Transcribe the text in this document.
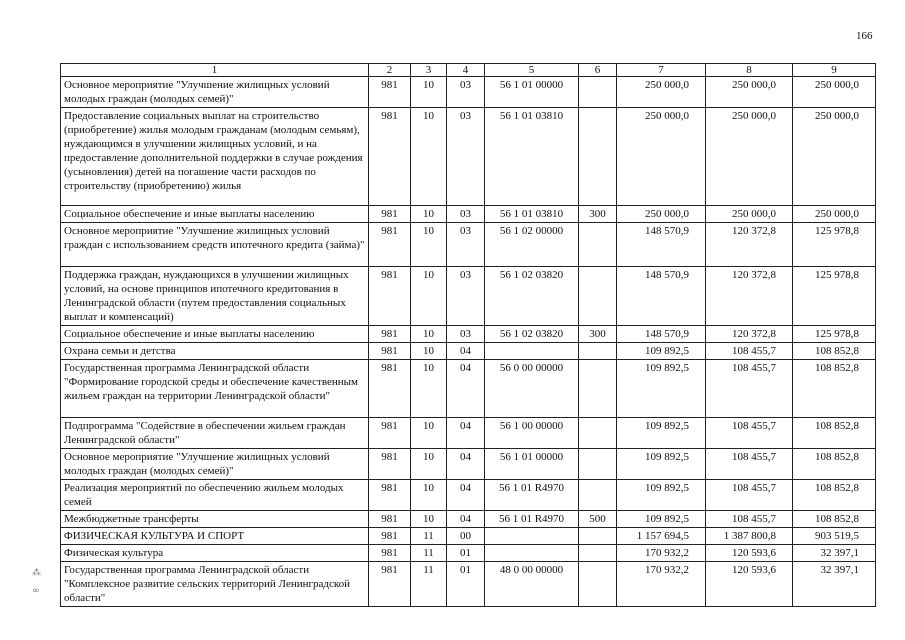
166
1	2	3	4	5	6	7	8	9
Основное мероприятие "Улучшение жилищных условий молодых граждан (молодых семей)"	981	10	03	56 1 01 00000		250 000,0	250 000,0	250 000,0
Предоставление социальных выплат на строительство (приобретение) жилья молодым гражданам (молодым семьям), нуждающимся в улучшении жилищных условий, и на предоставление дополнительной поддержки в случае рождения (усыновления) детей на погашение части расходов по строительству (приобретению) жилья	981	10	03	56 1 01 03810		250 000,0	250 000,0	250 000,0
Социальное обеспечение и иные выплаты населению	981	10	03	56 1 01 03810	300	250 000,0	250 000,0	250 000,0
Основное мероприятие "Улучшение жилищных условий граждан с использованием средств ипотечного кредита (займа)"	981	10	03	56 1 02 00000		148 570,9	120 372,8	125 978,8
Поддержка граждан, нуждающихся в улучшении жилищных условий, на основе принципов ипотечного кредитования в Ленинградской области (путем предоставления социальных выплат и компенсаций)	981	10	03	56 1 02 03820		148 570,9	120 372,8	125 978,8
Социальное обеспечение и иные выплаты населению	981	10	03	56 1 02 03820	300	148 570,9	120 372,8	125 978,8
Охрана семьи и детства	981	10	04			109 892,5	108 455,7	108 852,8
Государственная программа Ленинградской области "Формирование городской среды и обеспечение качественным жильем граждан на территории Ленинградской области"	981	10	04	56 0 00 00000		109 892,5	108 455,7	108 852,8
Подпрограмма "Содействие в обеспечении жильем граждан Ленинградской области"	981	10	04	56 1 00 00000		109 892,5	108 455,7	108 852,8
Основное мероприятие "Улучшение жилищных условий молодых граждан (молодых семей)"	981	10	04	56 1 01 00000		109 892,5	108 455,7	108 852,8
Реализация мероприятий по обеспечению жильем молодых семей	981	10	04	56 1 01 R4970		109 892,5	108 455,7	108 852,8
Межбюджетные трансферты	981	10	04	56 1 01 R4970	500	109 892,5	108 455,7	108 852,8
ФИЗИЧЕСКАЯ КУЛЬТУРА И СПОРТ	981	11	00			1 157 694,5	1 387 800,8	903 519,5
Физическая культура	981	11	01			170 932,2	120 593,6	32 397,1
Государственная программа Ленинградской области "Комплексное развитие сельских территорий Ленинградской области"	981	11	01	48 0 00 00000		170 932,2	120 593,6	32 397,1
⁂
∞
